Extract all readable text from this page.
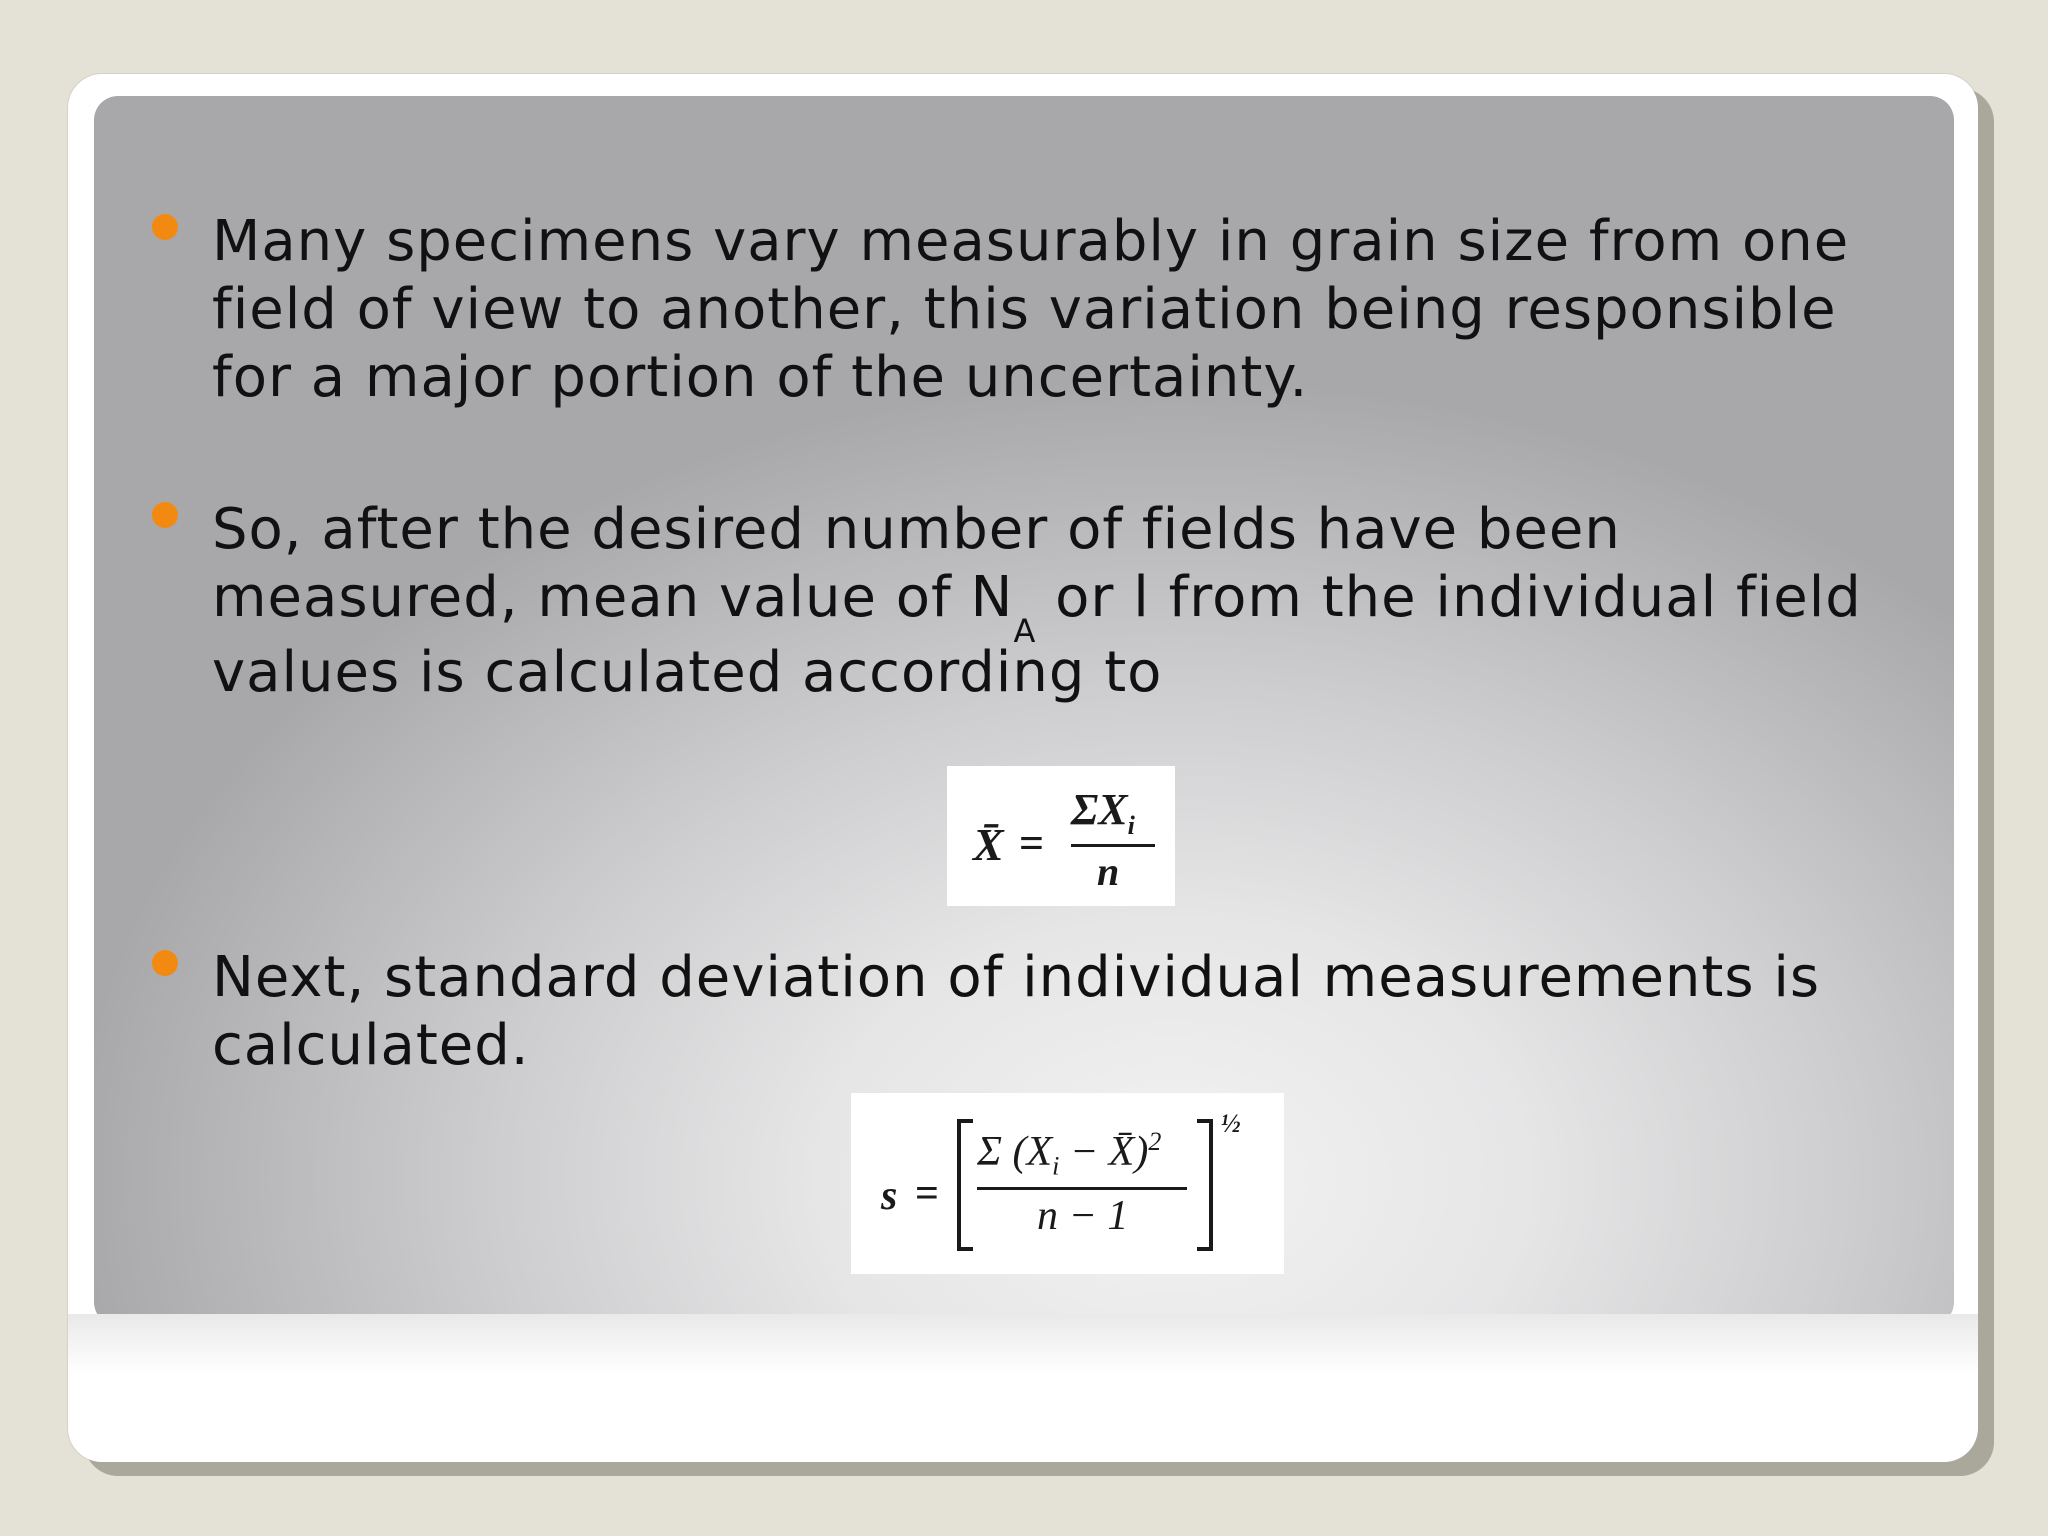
Many specimens vary measurably in grain size from one field of view to another, this variation being responsible for a major portion of the uncertainty.
So, after the desired number of fields have been measured, mean value of $N_A$ or l from the individual field values is calculated according to
Next, standard deviation of individual measurements is calculated.
X̄ =
$\Sigma X_i$
n
s =
Σ ($X_i$ − X̄)$^2$
n − 1
½
